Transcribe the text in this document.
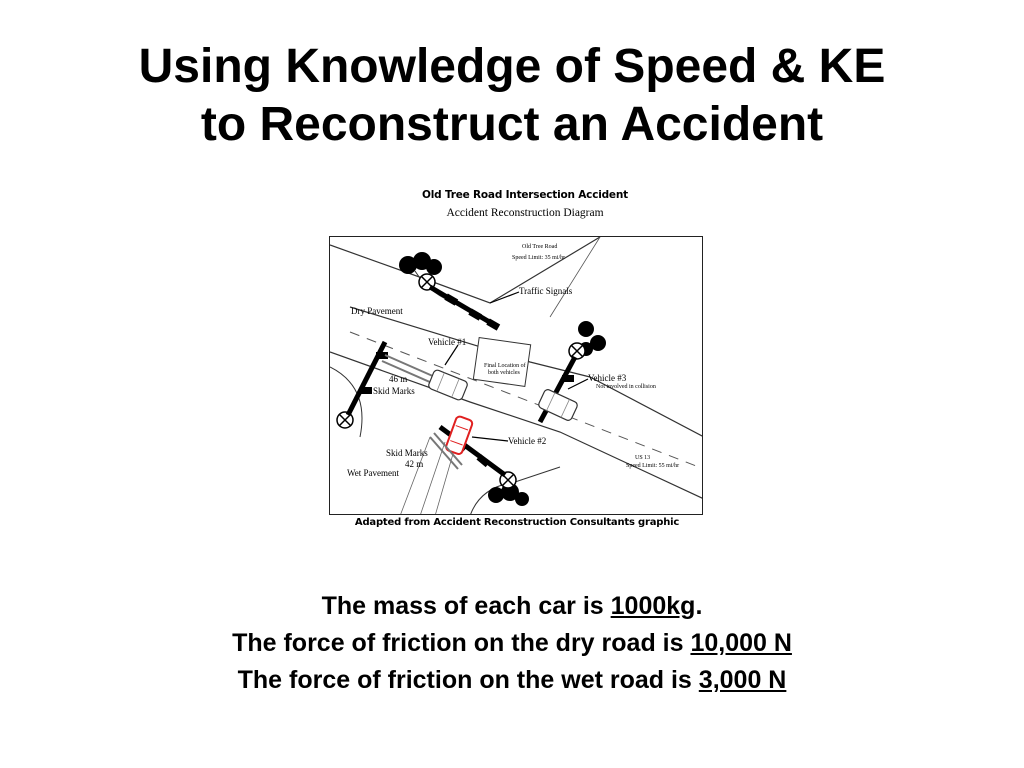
Using Knowledge of Speed & KE
to Reconstruct an Accident
Old Tree Road Intersection Accident
Accident Reconstruction Diagram
Old Tree Road
Speed Limit: 35 mi/hr
Traffic Signals
Dry Pavement
Vehicle #1
Final Location of
both vehicles	Vehicle #3
Not involved in collision
46 m
Skid Marks
Vehicle #2
Skid Marks
42 m
Wet Pavement
US 13
Speed Limit: 55 mi/hr
Adapted from Accident Reconstruction Consultants graphic
The mass of each car is 1000kg.
The force of friction on the dry road is 10,000 N
The force of friction on the wet road is 3,000 N
